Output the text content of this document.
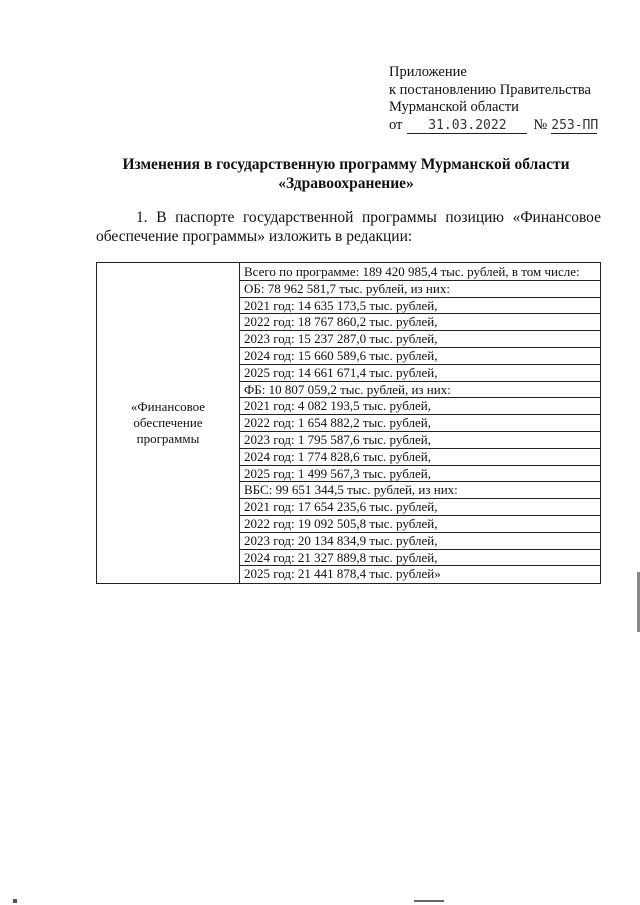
Приложение
к постановлению Правительства
Мурманской области
от	31.03.2022	№ 253-ПП
Изменения в государственную программу Мурманской области
«Здравоохранение»
1. В паспорте государственной программы позицию «Финансовое обеспечение программы» изложить в редакции:
«Финансовое
обеспечение
программы

Всего по программе: 189 420 985,4 тыс. рублей, в том числе:
ОБ: 78 962 581,7 тыс. рублей, из них:
2021 год: 14 635 173,5 тыс. рублей,
2022 год: 18 767 860,2 тыс. рублей,
2023 год: 15 237 287,0 тыс. рублей,
2024 год: 15 660 589,6 тыс. рублей,
2025 год: 14 661 671,4 тыс. рублей,
ФБ: 10 807 059,2 тыс. рублей, из них:
2021 год: 4 082 193,5 тыс. рублей,
2022 год: 1 654 882,2 тыс. рублей,
2023 год: 1 795 587,6 тыс. рублей,
2024 год: 1 774 828,6 тыс. рублей,
2025 год: 1 499 567,3 тыс. рублей,
ВБС: 99 651 344,5 тыс. рублей, из них:
2021 год: 17 654 235,6 тыс. рублей,
2022 год: 19 092 505,8 тыс. рублей,
2023 год: 20 134 834,9 тыс. рублей,
2024 год: 21 327 889,8 тыс. рублей,
2025 год: 21 441 878,4 тыс. рублей»
